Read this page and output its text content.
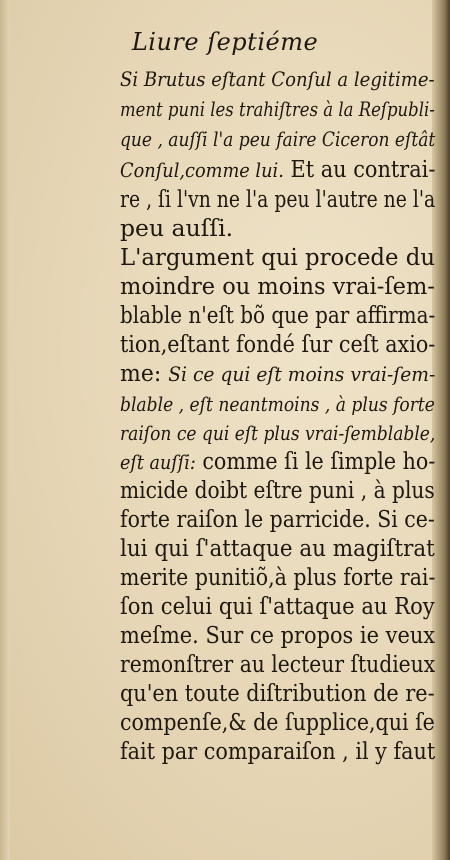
Liure ſeptiéme
Si Brutus eſtant Conſul a legitime-
ment puni les trahiſtres à la Reſpubli-
que , auſſi l'a peu faire Ciceron eſtât
Conſul,comme lui. Et au contrai-
re , ſi l'vn ne l'a peu l'autre ne l'a
peu auſſi.
L'argument qui procede du
moindre ou moins vrai-ſem-
blable n'eſt bõ que par affirma-
tion,eſtant fondé ſur ceſt axio-
me: Si ce qui eſt moins vrai-ſem-
blable , eſt neantmoins , à plus forte
raiſon ce qui eſt plus vrai-ſemblable,
eſt auſſi: comme ſi le ſimple ho-
micide doibt eſtre puni , à plus
forte raiſon le parricide. Si ce-
lui qui ſ'attaque au magiſtrat
merite punitiõ,à plus forte rai-
ſon celui qui ſ'attaque au Roy
meſme. Sur ce propos ie veux
remonſtrer au lecteur ſtudieux
qu'en toute diſtribution de re-
compenſe,& de ſupplice,qui ſe
fait par comparaiſon , il y faut
